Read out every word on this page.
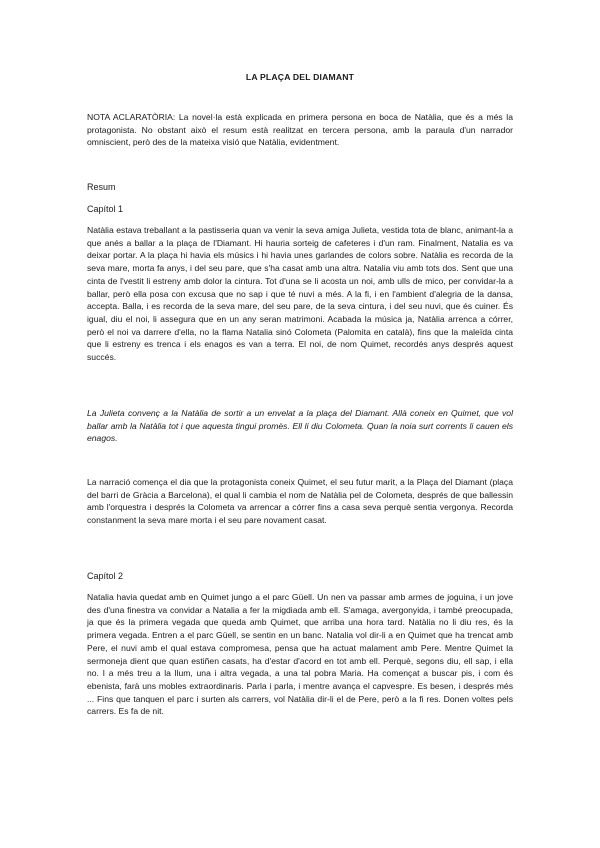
LA PLAÇA DEL DIAMANT

NOTA ACLARATÒRIA: La novel·la està explicada en primera persona en boca de Natàlia, que és a més la protagonista. No obstant això el resum està realitzat en tercera persona, amb la paraula d'un narrador omniscient, però des de la mateixa visió que Natàlia, evidentment.

Resum
Capítol 1

Natàlia estava treballant a la pastisseria quan va venir la seva amiga Julieta, vestida tota de blanc, animant-la a que anés a ballar a la plaça de l'Diamant. Hi hauria sorteig de cafeteres i d'un ram. Finalment, Natalia es va deixar portar. A la plaça hi havia els músics i hi havia unes garlandes de colors sobre. Natàlia es recorda de la seva mare, morta fa anys, i del seu pare, que s'ha casat amb una altra. Natalia viu amb tots dos. Sent que una cinta de l'vestit li estreny amb dolor la cintura. Tot d'una se li acosta un noi, amb ulls de mico, per convidar-la a ballar, però ella posa con excusa que no sap i que té nuvi a més. A la fi, i en l'ambient d'alegria de la dansa, accepta. Balla, i es recorda de la seva mare, del seu pare, de la seva cintura, i del seu nuvi, que és cuiner. És igual, diu el noi, li assegura que en un any seran matrimoni. Acabada la música ja, Natàlia arrenca a córrer, però el noi va darrere d'ella, no la flama Natalia sinó Colometa (Palomita en català), fins que la maleïda cinta que li estreny es trenca i els enagos es van a terra. El noi, de nom Quimet, recordés anys després aquest succés.

La Julieta convenç a la Natàlia de sortir a un envelat a la plaça del Diamant. Allà coneix en Quimet, que vol ballar amb la Natàlia tot i que aquesta tingui promès. Ell li diu Colometa. Quan la noia surt corrents li cauen els enagos.

La narració comença el dia que la protagonista coneix Quimet, el seu futur marit, a la Plaça del Diamant (plaça del barri de Gràcia a Barcelona), el qual li cambia el nom de Natàlia pel de Colometa, després de que ballessin amb l'orquestra i després la Colometa va arrencar a córrer fins a casa seva perquè sentia vergonya. Recorda constanment la seva mare morta i el seu pare novament casat.

Capítol 2

Natalia havia quedat amb en Quimet jungo a el parc Güell. Un nen va passar amb armes de joguina, i un jove des d'una finestra va convidar a Natalia a fer la migdiada amb ell. S'amaga, avergonyida, i també preocupada, ja que és la primera vegada que queda amb Quimet, que arriba una hora tard. Natàlia no li diu res, és la primera vegada. Entren a el parc Güell, se sentin en un banc. Natalia vol dir-li a en Quimet que ha trencat amb Pere, el nuvi amb el qual estava compromesa, pensa que ha actuat malament amb Pere. Mentre Quimet la sermoneja dient que quan estiñen casats, ha d'estar d'acord en tot amb ell. Perquè, segons diu, ell sap, i ella no. I a més treu a la llum, una i altra vegada, a una tal pobra Maria. Ha començat a buscar pis, i com és ebenista, farà uns mobles extraordinaris. Parla i parla, i mentre avança el capvespre. Es besen, i després més ... Fins que tanquen el parc i surten als carrers, vol Natàlia dir-li el de Pere, però a la fi res. Donen voltes pels carrers. Es fa de nit.
